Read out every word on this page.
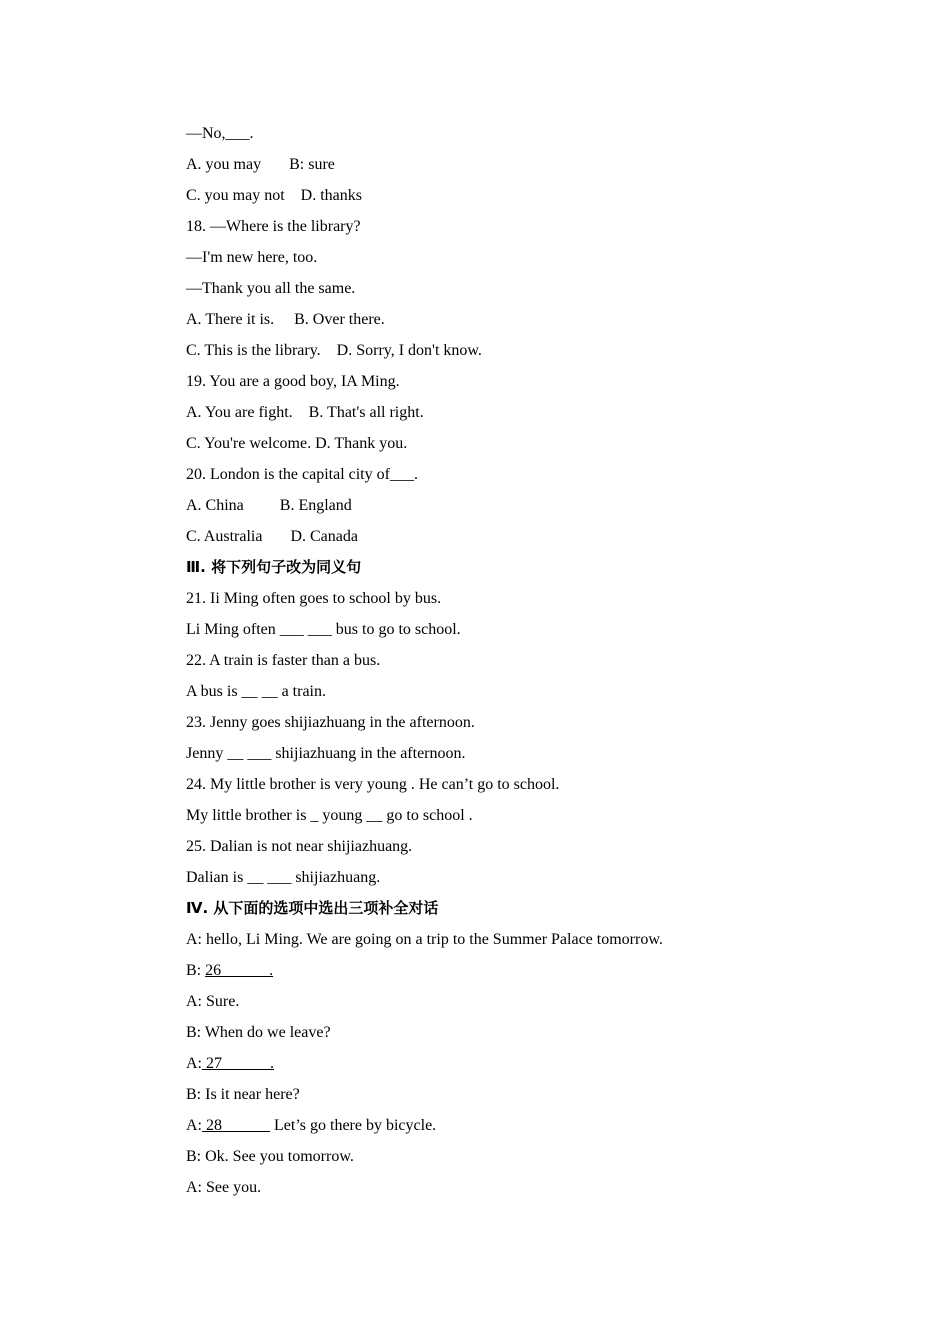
—No,___.
A. you may       B: sure
C. you may not    D. thanks
18. —Where is the library?
—I'm new here, too.
—Thank you all the same.
A. There it is.     B. Over there.
C. This is the library.    D. Sorry, I don't know.
19. You are a good boy, IA Ming.
A. You are fight.    B. That's all right.
C. You're welcome. D. Thank you.
20. London is the capital city of___.
A. China         B. England
C. Australia       D. Canada
Ⅲ. 将下列句子改为同义句
21. Ii Ming often goes to school by bus.
Li Ming often ___ ___ bus to go to school.
22. A train is faster than a bus.
A bus is __ __ a train.
23. Jenny goes shijiazhuang in the afternoon.
Jenny __ ___ shijiazhuang in the afternoon.
24. My little brother is very young . He can’t go to school.
My little brother is _ young __ go to school .
25. Dalian is not near shijiazhuang.
Dalian is __ ___ shijiazhuang.
Ⅳ. 从下面的选项中选出三项补全对话
A: hello, Li Ming. We are going on a trip to the Summer Palace tomorrow.
B: 26______.
A: Sure.
B: When do we leave?
A: 27______.
B: Is it near here?
A: 28______ Let’s go there by bicycle.
B: Ok. See you tomorrow.
A: See you.
